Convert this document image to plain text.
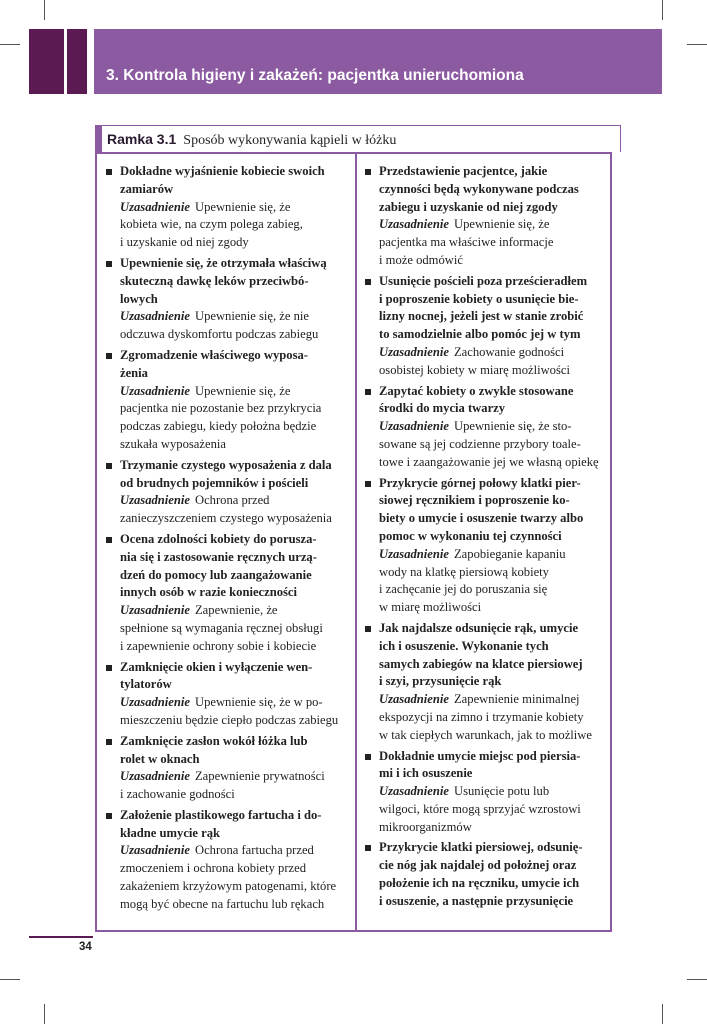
3. Kontrola higieny i zakażeń: pacjentka unieruchomiona
Ramka 3.1 Sposób wykonywania kąpieli w łóżku
Dokładne wyjaśnienie kobiecie swoich
zamiarów
Uzasadnienie Upewnienie się, że
kobieta wie, na czym polega zabieg,
i uzyskanie od niej zgody
Upewnienie się, że otrzymała właściwą
skuteczną dawkę leków przeciwbó-
lowych
Uzasadnienie Upewnienie się, że nie
odczuwa dyskomfortu podczas zabiegu
Zgromadzenie właściwego wyposa-
żenia
Uzasadnienie Upewnienie się, że
pacjentka nie pozostanie bez przykrycia
podczas zabiegu, kiedy położna będzie
szukała wyposażenia
Trzymanie czystego wyposażenia z dala
od brudnych pojemników i pościeli
Uzasadnienie Ochrona przed
zanieczyszczeniem czystego wyposażenia
Ocena zdolności kobiety do porusza-
nia się i zastosowanie ręcznych urzą-
dzeń do pomocy lub zaangażowanie
innych osób w razie konieczności
Uzasadnienie Zapewnienie, że
spełnione są wymagania ręcznej obsługi
i zapewnienie ochrony sobie i kobiecie
Zamknięcie okien i wyłączenie wen-
tylatorów
Uzasadnienie Upewnienie się, że w po-
mieszczeniu będzie ciepło podczas zabiegu
Zamknięcie zasłon wokół łóżka lub
rolet w oknach
Uzasadnienie Zapewnienie prywatności
i zachowanie godności
Założenie plastikowego fartucha i do-
kładne umycie rąk
Uzasadnienie Ochrona fartucha przed
zmoczeniem i ochrona kobiety przed
zakażeniem krzyżowym patogenami, które
mogą być obecne na fartuchu lub rękach
Przedstawienie pacjentce, jakie
czynności będą wykonywane podczas
zabiegu i uzyskanie od niej zgody
Uzasadnienie Upewnienie się, że
pacjentka ma właściwe informacje
i może odmówić
Usunięcie pościeli poza prześcieradłem
i poproszenie kobiety o usunięcie bie-
lizny nocnej, jeżeli jest w stanie zrobić
to samodzielnie albo pomóc jej w tym
Uzasadnienie Zachowanie godności
osobistej kobiety w miarę możliwości
Zapytać kobiety o zwykle stosowane
środki do mycia twarzy
Uzasadnienie Upewnienie się, że sto-
sowane są jej codzienne przybory toale-
towe i zaangażowanie jej we własną opiekę
Przykrycie górnej połowy klatki pier-
siowej ręcznikiem i poproszenie ko-
biety o umycie i osuszenie twarzy albo
pomoc w wykonaniu tej czynności
Uzasadnienie Zapobieganie kapaniu
wody na klatkę piersiową kobiety
i zachęcanie jej do poruszania się
w miarę możliwości
Jak najdalsze odsunięcie rąk, umycie
ich i osuszenie. Wykonanie tych
samych zabiegów na klatce piersiowej
i szyi, przysunięcie rąk
Uzasadnienie Zapewnienie minimalnej
ekspozycji na zimno i trzymanie kobiety
w tak ciepłych warunkach, jak to możliwe
Dokładnie umycie miejsc pod piersia-
mi i ich osuszenie
Uzasadnienie Usunięcie potu lub
wilgoci, które mogą sprzyjać wzrostowi
mikroorganizmów
Przykrycie klatki piersiowej, odsunię-
cie nóg jak najdalej od położnej oraz
położenie ich na ręczniku, umycie ich
i osuszenie, a następnie przysunięcie
34
